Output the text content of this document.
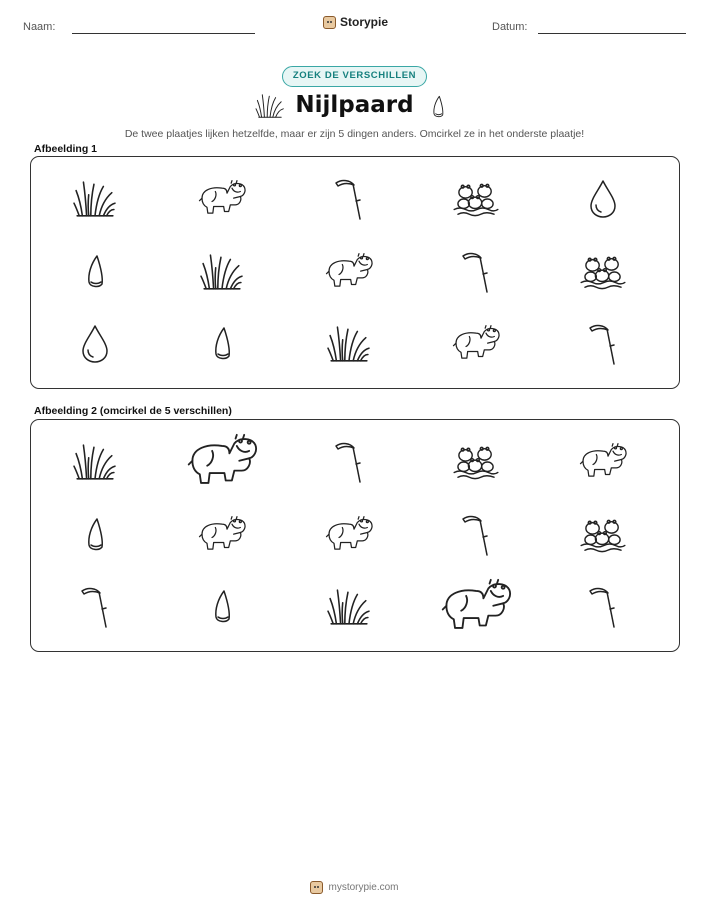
Naam:	Storypie	Datum:
ZOEK DE VERSCHILLEN
Nijlpaard
De twee plaatjes lijken hetzelfde, maar er zijn 5 dingen anders. Omcirkel ze in het onderste plaatje!
Afbeelding 1
Afbeelding 2 (omcirkel de 5 verschillen)
mystorypie.com
